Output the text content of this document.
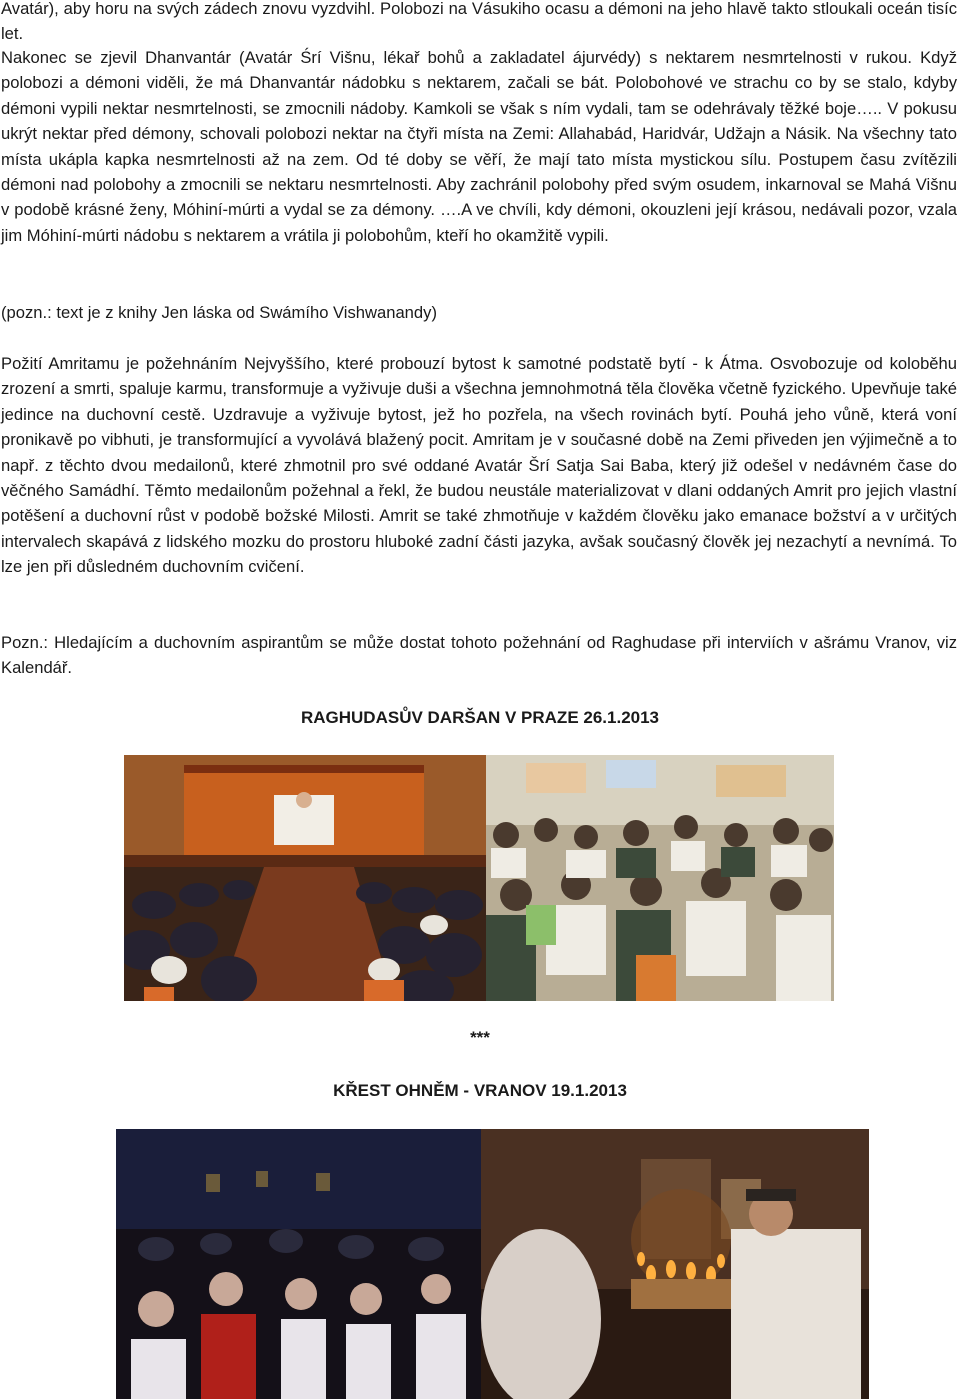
Avatár), aby horu na svých zádech znovu vyzdvihl. Polobozi na Vásukiho ocasu a démoni na jeho hlavě takto stloukali oceán tisíc let.

Nakonec se zjevil Dhanvantár (Avatár Śrí Višnu, lékař bohů a zakladatel ájurvédy) s nektarem nesmrtelnosti v rukou. Když polobozi a démoni viděli, že má Dhanvantár nádobku s nektarem, začali se bát. Polobohové ve strachu co by se stalo, kdyby démoni vypili nektar nesmrtelnosti, se zmocnili nádoby. Kamkoli se však s ním vydali, tam se odehrávaly těžké boje….. V pokusu ukrýt nektar před démony, schovali polobozi nektar na čtyři místa na Zemi: Allahabád, Haridvár, Udžajn a Násik. Na všechny tato místa ukápla kapka nesmrtelnosti až na zem. Od té doby se věří, že mají tato místa mystickou sílu. Postupem času zvítězili démoni nad polobohy a zmocnili se nektaru nesmrtelnosti. Aby zachránil polobohy před svým osudem, inkarnoval se Mahá Višnu v podobě krásné ženy, Móhiní-múrti a vydal se za démony. ….A ve chvíli, kdy démoni, okouzleni její krásou, nedávali pozor, vzala jim Móhiní-múrti nádobu s nektarem a vrátila ji polobohům, kteří ho okamžitě vypili.

(pozn.: text je z knihy Jen láska od Swámího Vishwanandy)

Požití Amritamu je požehnáním Nejvyššího, které probouzí bytost k samotné podstatě bytí - k Átma. Osvobozuje od koloběhu zrození a smrti, spaluje karmu, transformuje a vyživuje duši a všechna jemnohmotná těla člověka včetně fyzického. Upevňuje také jedince na duchovní cestě. Uzdravuje a vyživuje bytost, jež ho pozřela, na všech rovinách bytí. Pouhá jeho vůně, která voní pronikavě po vibhuti, je transformující a vyvolává blažený pocit. Amritam je v současné době na Zemi přiveden jen výjimečně a to např. z těchto dvou medailonů, které zhmotnil pro své oddané Avatár Šrí Satja Sai Baba, který již odešel v nedávném čase do věčného Samádhí. Těmto medailonům požehnal a řekl, že budou neustále materializovat v dlani oddaných Amrit pro jejich vlastní potěšení a duchovní růst v podobě božské Milosti. Amrit se také zhmotňuje v každém člověku jako emanace božství a v určitých intervalech skapává z lidského mozku do prostoru hluboké zadní části jazyka, avšak současný člověk jej nezachytí a nevnímá. To lze jen při důsledném duchovním cvičení.

Pozn.: Hledajícím a duchovním aspirantům se může dostat tohoto požehnání od Raghudase při interviích v ašrámu Vranov, viz Kalendář.

RAGHUDASŮV DARŠAN V PRAZE 26.1.2013

***

KŘEST OHNĚM - VRANOV 19.1.2013
